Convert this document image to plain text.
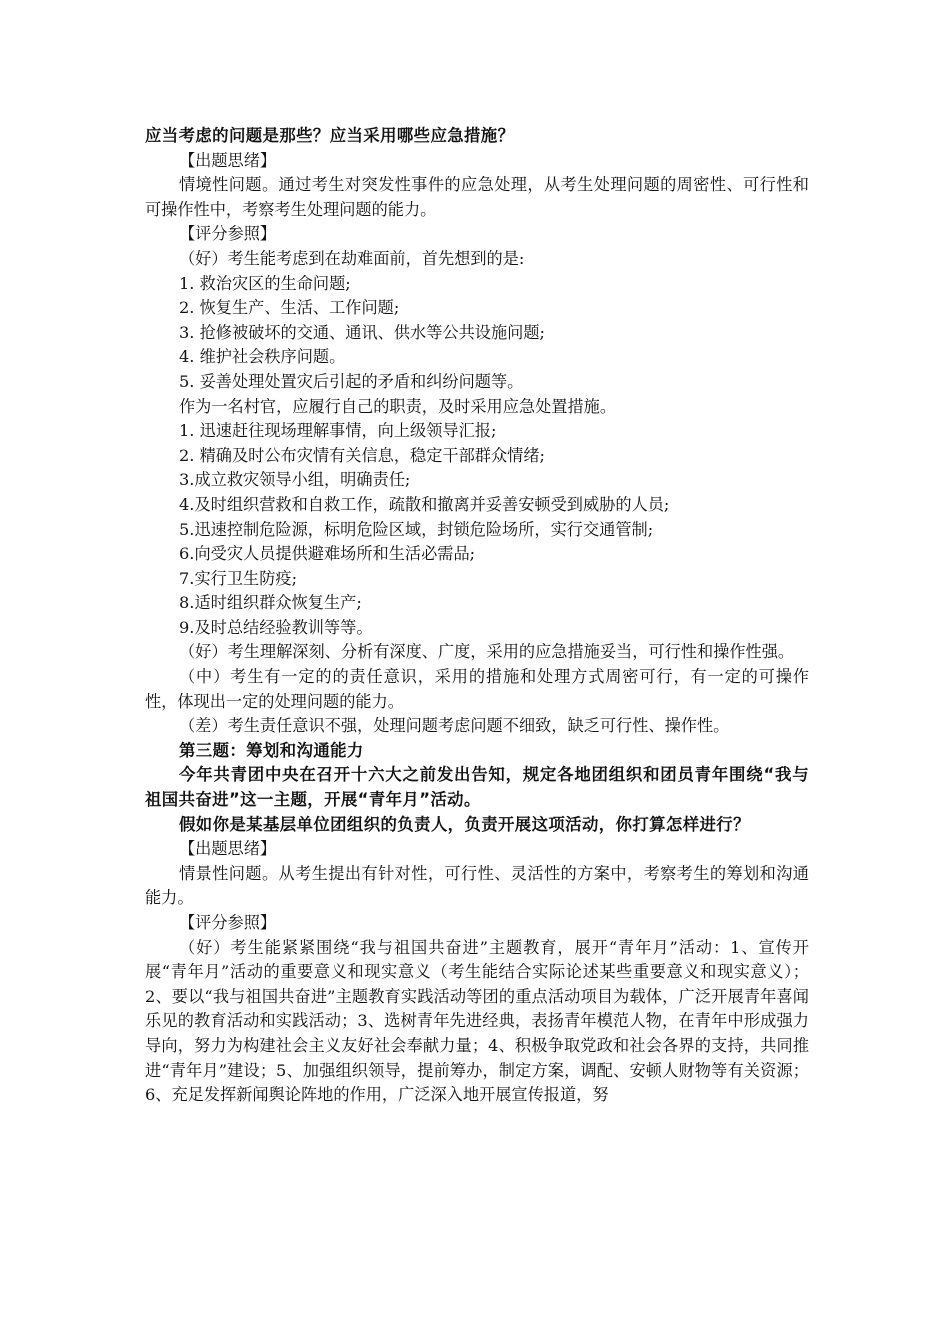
应当考虑的问题是那些？应当采用哪些应急措施？

【出题思绪】

情境性问题。通过考生对突发性事件的应急处理，从考生处理问题的周密性、可行性和可操作性中，考察考生处理问题的能力。

【评分参照】

（好）考生能考虑到在劫难面前，首先想到的是:

1. 救治灾区的生命问题;

2. 恢复生产、生活、工作问题;

3. 抢修被破坏的交通、通讯、供水等公共设施问题;

4. 维护社会秩序问题。

5. 妥善处理处置灾后引起的矛盾和纠纷问题等。

作为一名村官，应履行自己的职责，及时采用应急处置措施。

1. 迅速赶往现场理解事情，向上级领导汇报;

2. 精确及时公布灾情有关信息，稳定干部群众情绪;

3.成立救灾领导小组，明确责任;

4.及时组织营救和自救工作，疏散和撤离并妥善安顿受到威胁的人员;

5.迅速控制危险源，标明危险区域，封锁危险场所，实行交通管制;

6.向受灾人员提供避难场所和生活必需品;

7.实行卫生防疫;

8.适时组织群众恢复生产;

9.及时总结经验教训等等。

（好）考生理解深刻、分析有深度、广度，采用的应急措施妥当，可行性和操作性强。

（中）考生有一定的的责任意识，采用的措施和处理方式周密可行，有一定的可操作性，体现出一定的处理问题的能力。

（差）考生责任意识不强，处理问题考虑问题不细致，缺乏可行性、操作性。

第三题：筹划和沟通能力

今年共青团中央在召开十六大之前发出告知，规定各地团组织和团员青年围绕“我与祖国共奋进”这一主题，开展“青年月”活动。

假如你是某基层单位团组织的负责人，负责开展这项活动，你打算怎样进行？

【出题思绪】

情景性问题。从考生提出有针对性，可行性、灵活性的方案中，考察考生的筹划和沟通能力。

【评分参照】

（好）考生能紧紧围绕“我与祖国共奋进”主题教育，展开“青年月”活动：1、宣传开展“青年月”活动的重要意义和现实意义（考生能结合实际论述某些重要意义和现实意义）；2、要以“我与祖国共奋进”主题教育实践活动等团的重点活动项目为载体，广泛开展青年喜闻乐见的教育活动和实践活动；3、选树青年先进经典，表扬青年模范人物，在青年中形成强力导向，努力为构建社会主义友好社会奉献力量；4、积极争取党政和社会各界的支持，共同推进“青年月”建设；5、加强组织领导，提前筹办，制定方案，调配、安顿人财物等有关资源；6、充足发挥新闻舆论阵地的作用，广泛深入地开展宣传报道，努
